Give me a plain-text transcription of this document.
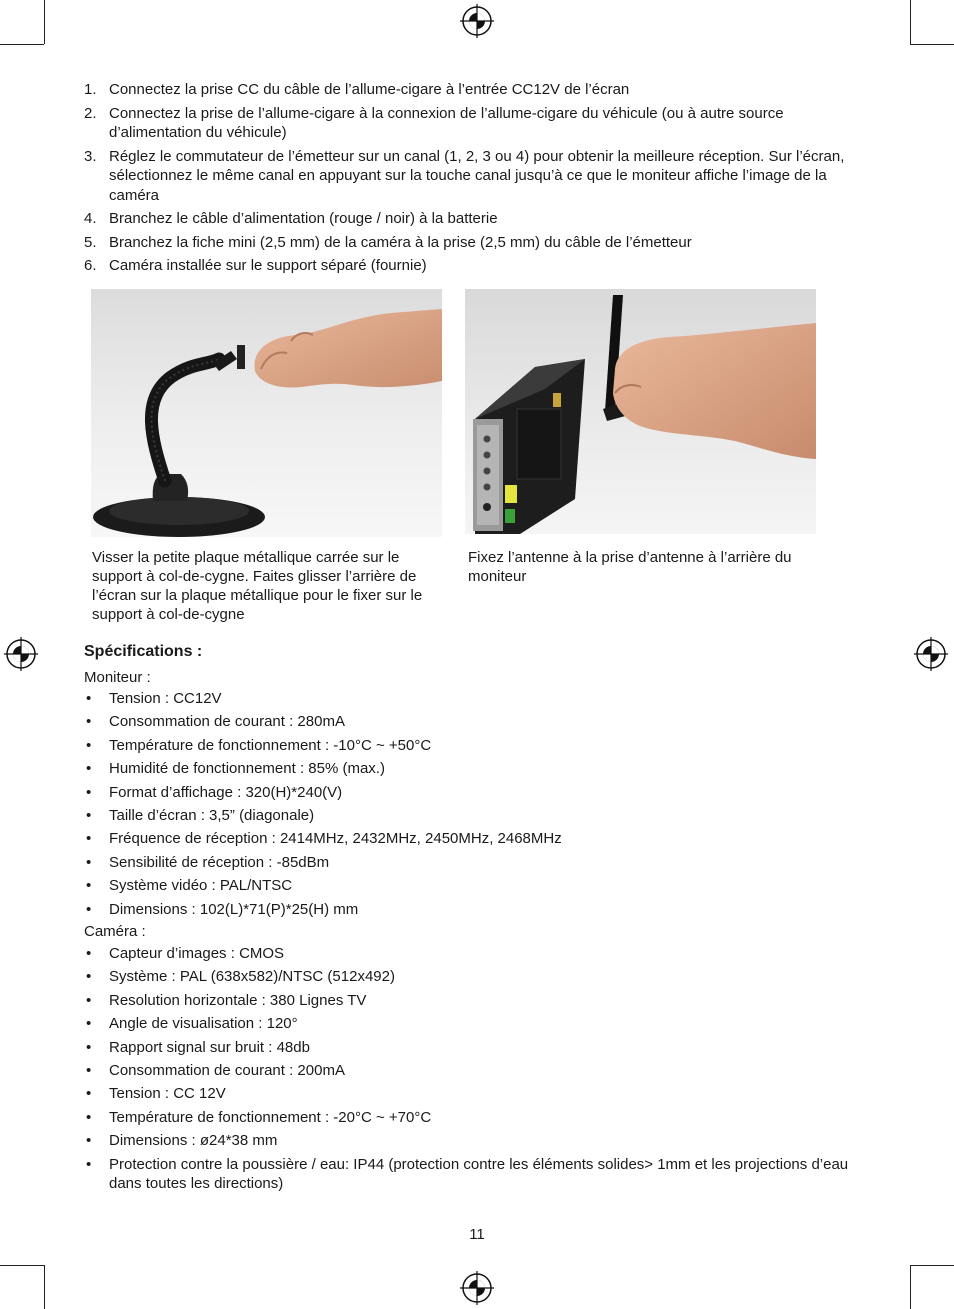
1. Connectez la prise CC du câble de l’allume-cigare à l’entrée CC12V de l’écran
2. Connectez la prise de l’allume-cigare à la connexion de l’allume-cigare du véhicule (ou à autre source d’alimentation du véhicule)
3. Réglez le commutateur de l’émetteur sur un canal (1, 2, 3 ou 4) pour obtenir la meilleure réception. Sur l’écran, sélectionnez le même canal en appuyant sur la touche canal jusqu’à ce que le moniteur affiche l’image de la caméra
4. Branchez le câble d’alimentation (rouge / noir) à la batterie
5. Branchez la fiche mini (2,5 mm) de la caméra à la prise (2,5 mm) du câble de l’émetteur
6. Caméra installée sur le support séparé (fournie)
Visser la petite plaque métallique carrée sur le support à col-de-cygne. Faites glisser l’arrière de l’écran sur la plaque métallique pour le fixer sur le support à col-de-cygne
Fixez l’antenne à la prise d’antenne à l’arrière du moniteur
Spécifications :
Moniteur :
• Tension : CC12V
• Consommation de courant : 280mA
• Température de fonctionnement : -10°C ~ +50°C
• Humidité de fonctionnement : 85% (max.)
• Format d’affichage : 320(H)*240(V)
• Taille d’écran : 3,5” (diagonale)
• Fréquence de réception : 2414MHz, 2432MHz, 2450MHz, 2468MHz
• Sensibilité de réception : -85dBm
• Système vidéo : PAL/NTSC
• Dimensions : 102(L)*71(P)*25(H) mm
Caméra :
• Capteur d’images : CMOS
• Système : PAL (638x582)/NTSC (512x492)
• Resolution horizontale : 380 Lignes TV
• Angle de visualisation : 120°
• Rapport signal sur bruit : 48db
• Consommation de courant : 200mA
• Tension : CC 12V
• Température de fonctionnement : -20°C ~ +70°C
• Dimensions : ø24*38 mm
• Protection contre la poussière / eau: IP44 (protection contre les éléments solides> 1mm et les projections d’eau dans toutes les directions)
11
